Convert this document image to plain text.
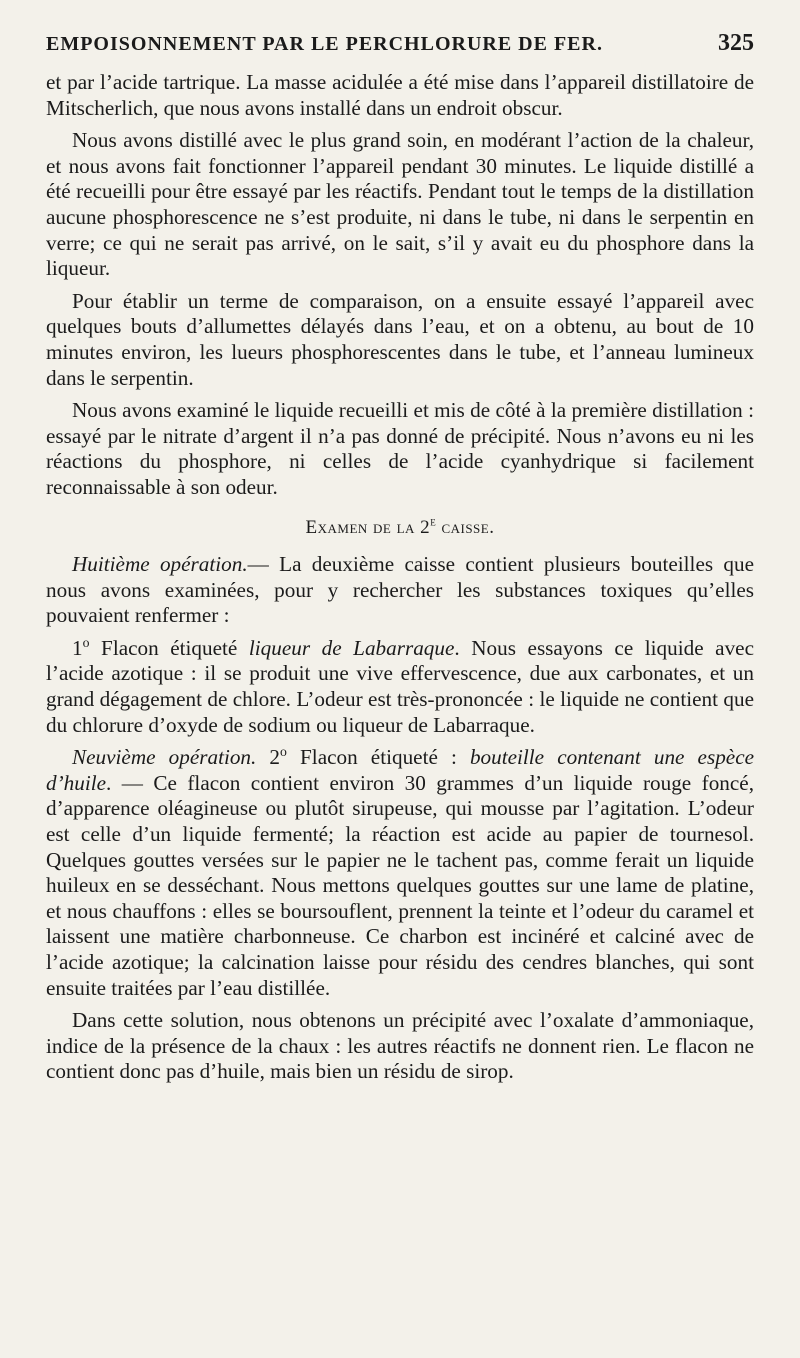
EMPOISONNEMENT PAR LE PERCHLORURE DE FER.	325

et par l’acide tartrique. La masse acidulée a été mise dans l’appareil distillatoire de Mitscherlich, que nous avons installé dans un endroit obscur.

Nous avons distillé avec le plus grand soin, en modérant l’action de la chaleur, et nous avons fait fonctionner l’appareil pendant 30 minutes. Le liquide distillé a été recueilli pour être essayé par les réactifs. Pendant tout le temps de la distillation aucune phosphorescence ne s’est produite, ni dans le tube, ni dans le serpentin en verre; ce qui ne serait pas arrivé, on le sait, s’il y avait eu du phosphore dans la liqueur.

Pour établir un terme de comparaison, on a ensuite essayé l’appareil avec quelques bouts d’allumettes délayés dans l’eau, et on a obtenu, au bout de 10 minutes environ, les lueurs phosphorescentes dans le tube, et l’anneau lumineux dans le serpentin.

Nous avons examiné le liquide recueilli et mis de côté à la première distillation : essayé par le nitrate d’argent il n’a pas donné de précipité. Nous n’avons eu ni les réactions du phosphore, ni celles de l’acide cyanhydrique si facilement reconnaissable à son odeur.

Examen de la 2e caisse.

Huitième opération.— La deuxième caisse contient plusieurs bouteilles que nous avons examinées, pour y rechercher les substances toxiques qu’elles pouvaient renfermer :

1$^o$ Flacon étiqueté liqueur de Labarraque. Nous essayons ce liquide avec l’acide azotique : il se produit une vive effervescence, due aux carbonates, et un grand dégagement de chlore. L’odeur est très-prononcée : le liquide ne contient que du chlorure d’oxyde de sodium ou liqueur de Labarraque.

Neuvième opération. 2$^o$ Flacon étiqueté : bouteille contenant une espèce d’huile. — Ce flacon contient environ 30 grammes d’un liquide rouge foncé, d’apparence oléagineuse ou plutôt sirupeuse, qui mousse par l’agitation. L’odeur est celle d’un liquide fermenté; la réaction est acide au papier de tournesol. Quelques gouttes versées sur le papier ne le tachent pas, comme ferait un liquide huileux en se desséchant. Nous mettons quelques gouttes sur une lame de platine, et nous chauffons : elles se boursouflent, prennent la teinte et l’odeur du caramel et laissent une matière charbonneuse. Ce charbon est incinéré et calciné avec de l’acide azotique; la calcination laisse pour résidu des cendres blanches, qui sont ensuite traitées par l’eau distillée.

Dans cette solution, nous obtenons un précipité avec l’oxalate d’ammoniaque, indice de la présence de la chaux : les autres réactifs ne donnent rien. Le flacon ne contient donc pas d’huile, mais bien un résidu de sirop.
